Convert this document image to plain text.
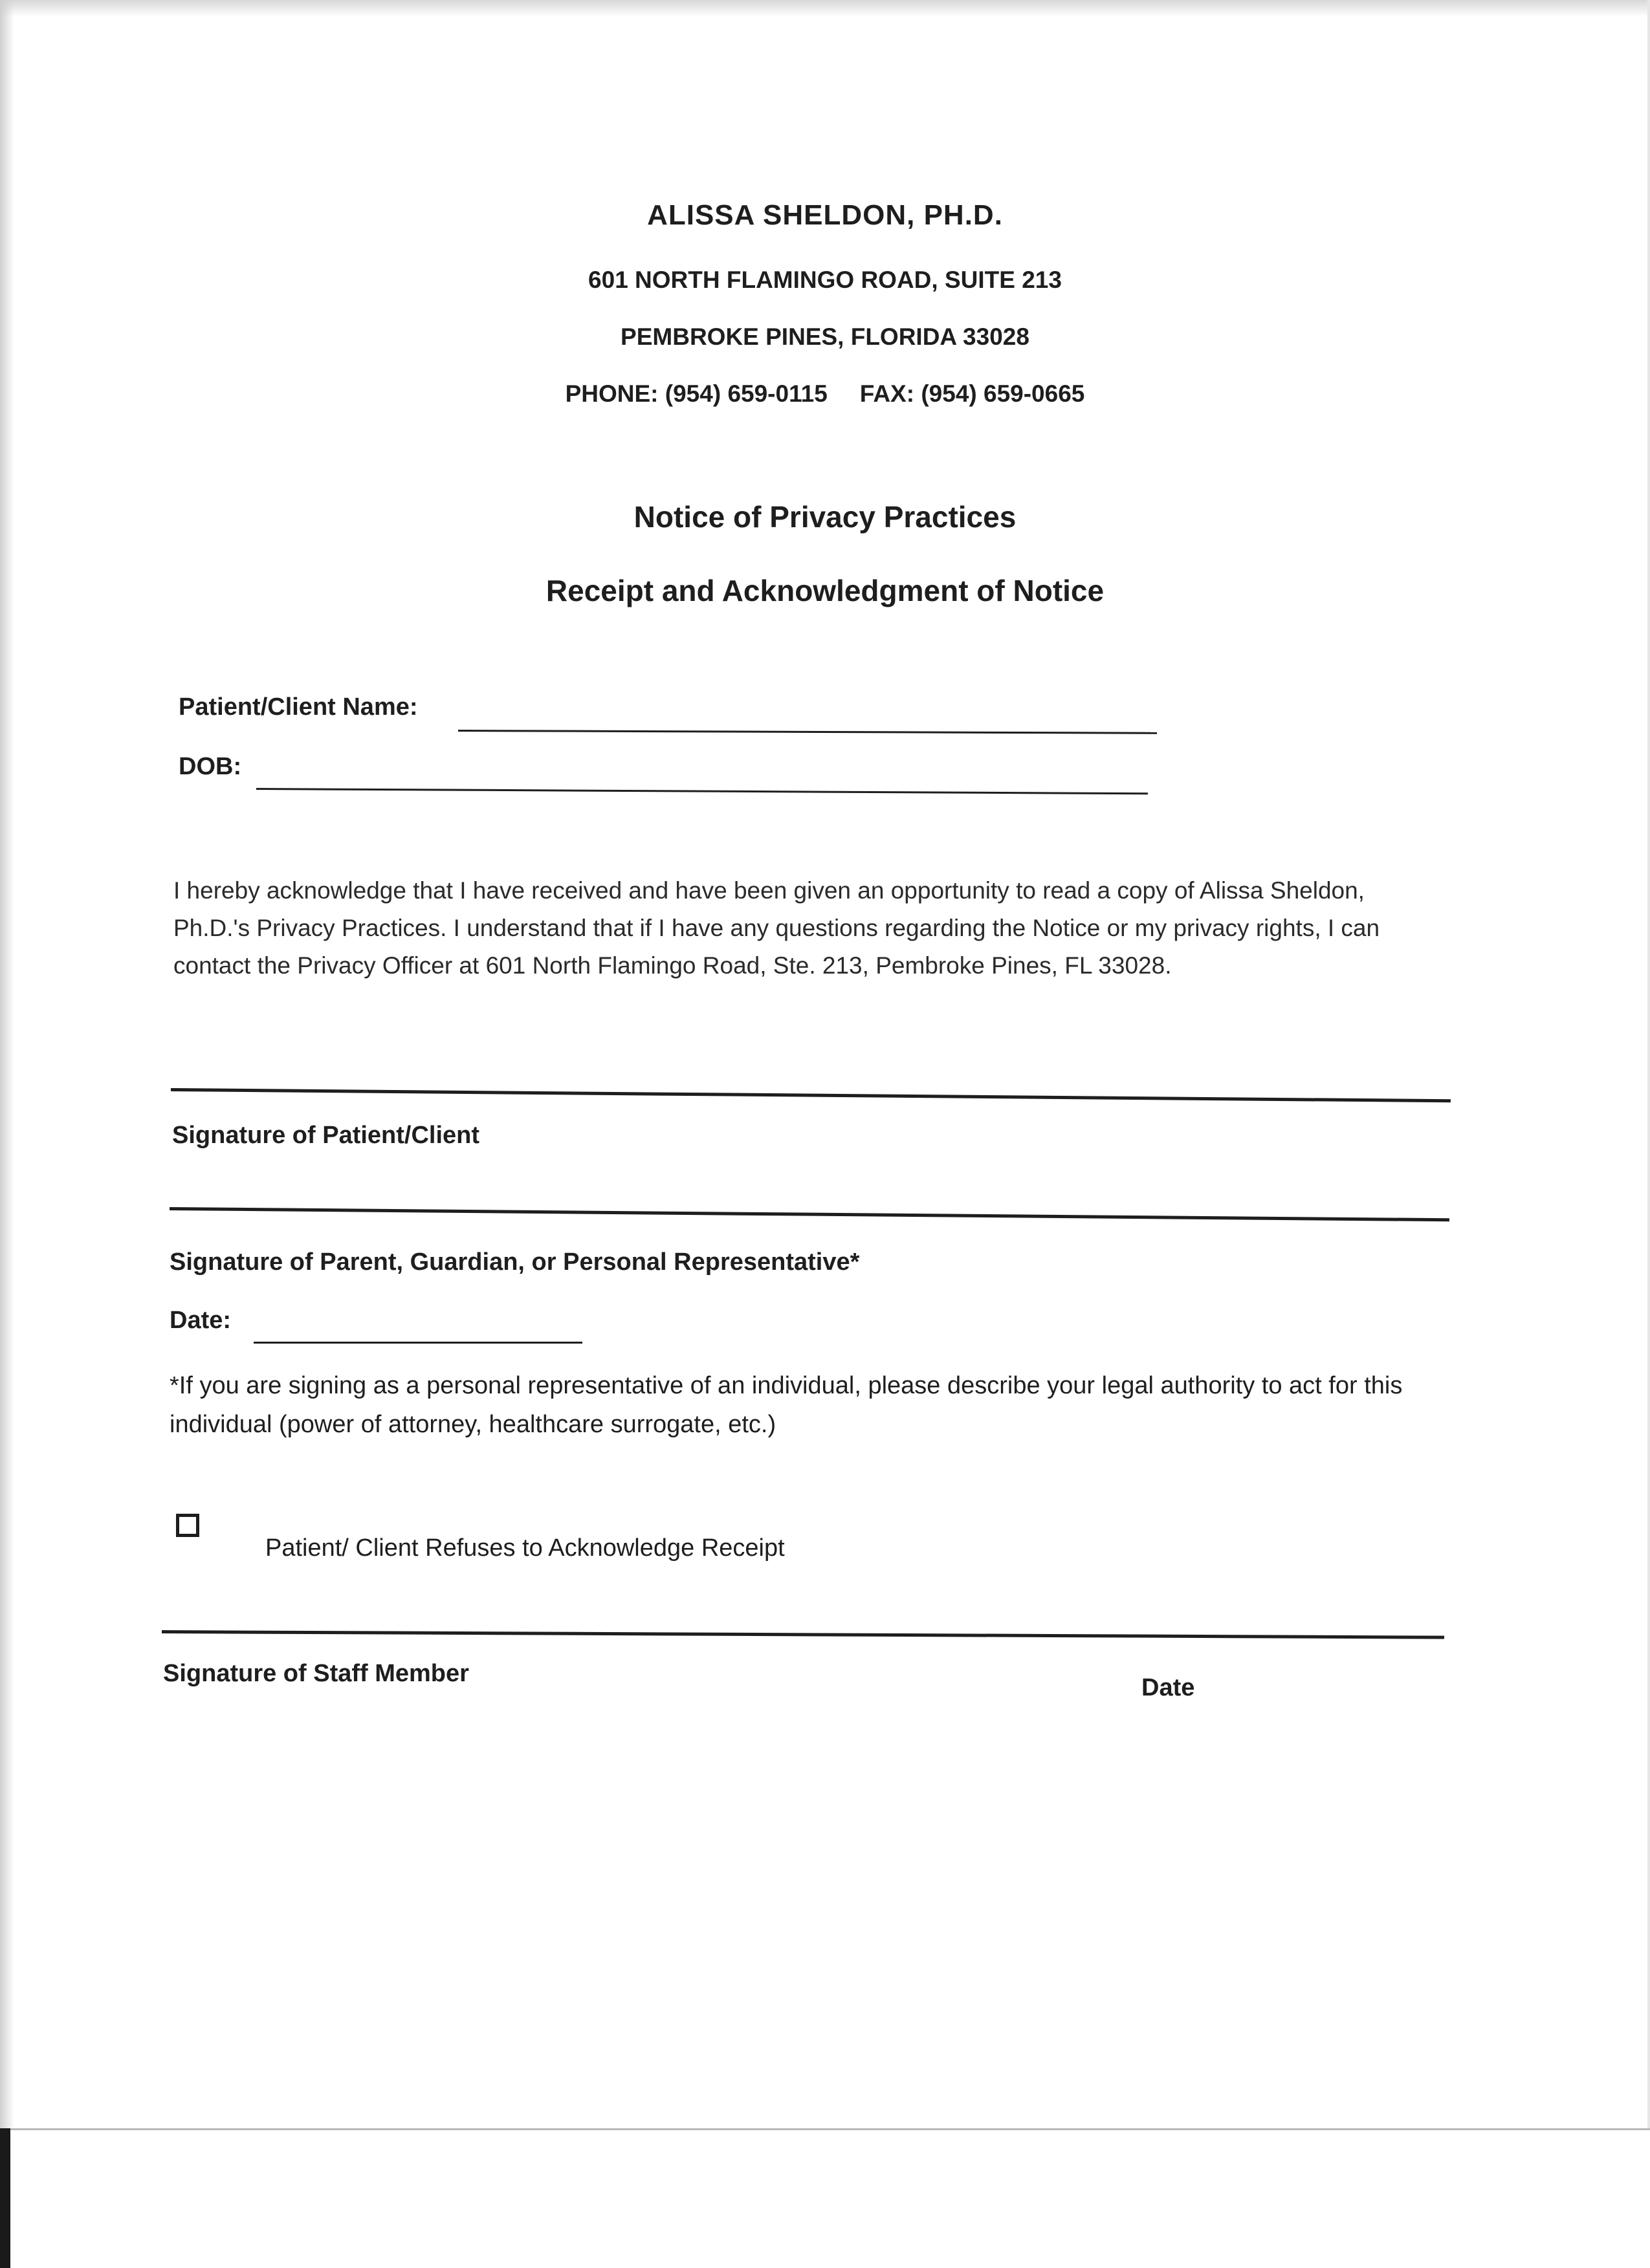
ALISSA SHELDON, PH.D.
601 NORTH FLAMINGO ROAD, SUITE 213
PEMBROKE PINES, FLORIDA 33028
PHONE: (954) 659-0115 FAX: (954) 659-0665
Notice of Privacy Practices
Receipt and Acknowledgment of Notice
Patient/Client Name:
DOB:
I hereby acknowledge that I have received and have been given an opportunity to read a copy of Alissa Sheldon, Ph.D.'s Privacy Practices. I understand that if I have any questions regarding the Notice or my privacy rights, I can contact the Privacy Officer at 601 North Flamingo Road, Ste. 213, Pembroke Pines, FL 33028.
Signature of Patient/Client
Signature of Parent, Guardian, or Personal Representative*
Date:
*If you are signing as a personal representative of an individual, please describe your legal authority to act for this individual (power of attorney, healthcare surrogate, etc.)
Patient/ Client Refuses to Acknowledge Receipt
Signature of Staff Member
Date
